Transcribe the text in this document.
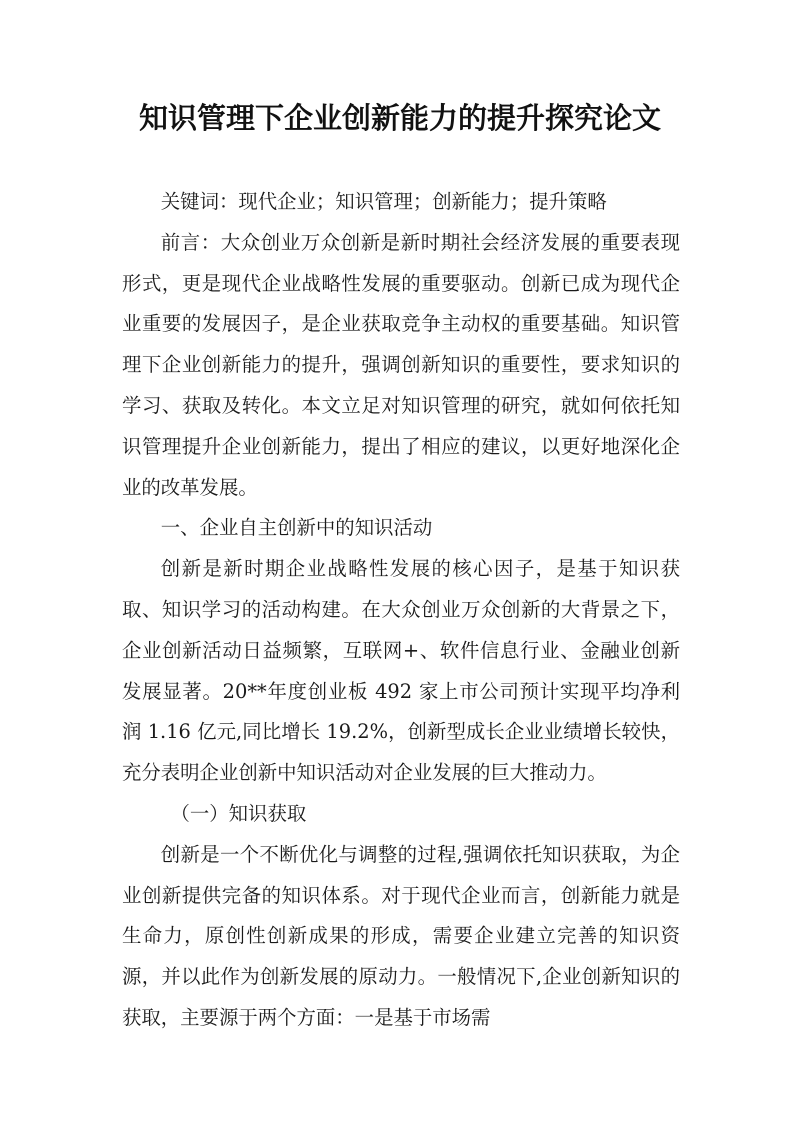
知识管理下企业创新能力的提升探究论文

关键词：现代企业；知识管理；创新能力；提升策略

前言：大众创业万众创新是新时期社会经济发展的重要表现形式，更是现代企业战略性发展的重要驱动。创新已成为现代企业重要的发展因子，是企业获取竞争主动权的重要基础。知识管理下企业创新能力的提升，强调创新知识的重要性，要求知识的学习、获取及转化。本文立足对知识管理的研究，就如何依托知识管理提升企业创新能力，提出了相应的建议，以更好地深化企业的改革发展。

一、企业自主创新中的知识活动

创新是新时期企业战略性发展的核心因子，是基于知识获取、知识学习的活动构建。在大众创业万众创新的大背景之下，企业创新活动日益频繁，互联网+、软件信息行业、金融业创新发展显著。20**年度创业板 492 家上市公司预计实现平均净利润 1.16 亿元,同比增长 19.2%，创新型成长企业业绩增长较快，充分表明企业创新中知识活动对企业发展的巨大推动力。

（一）知识获取

创新是一个不断优化与调整的过程,强调依托知识获取，为企业创新提供完备的知识体系。对于现代企业而言，创新能力就是生命力，原创性创新成果的形成，需要企业建立完善的知识资源，并以此作为创新发展的原动力。一般情况下,企业创新知识的获取，主要源于两个方面：一是基于市场需
